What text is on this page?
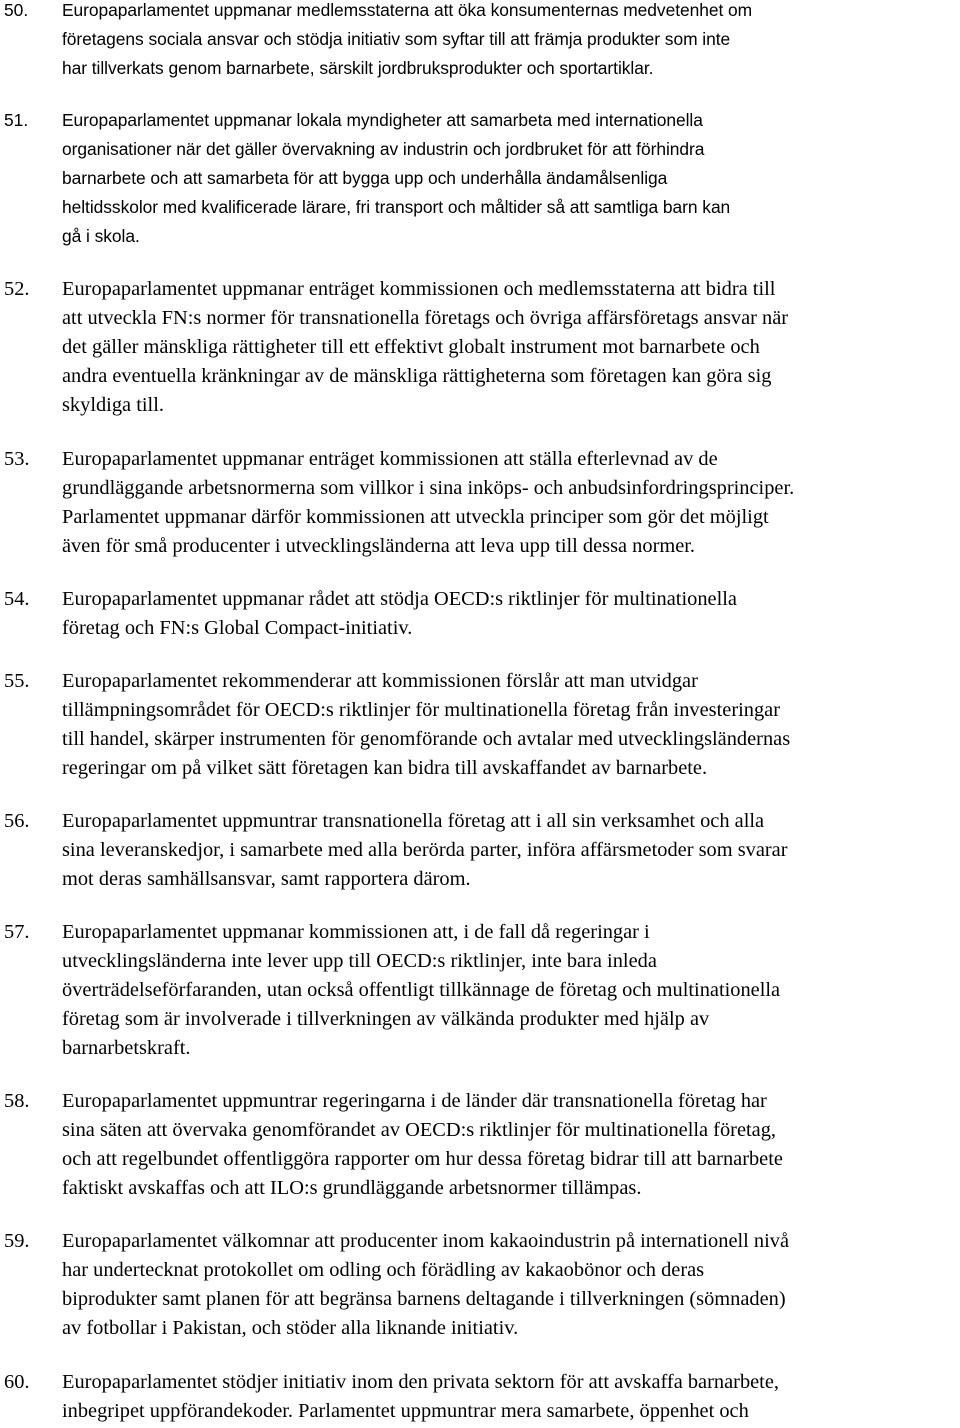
50. Europaparlamentet uppmanar medlemsstaterna att öka konsumenternas medvetenhet om
företagens sociala ansvar och stödja initiativ som syftar till att främja produkter som inte
har tillverkats genom barnarbete, särskilt jordbruksprodukter och sportartiklar.
51. Europaparlamentet uppmanar lokala myndigheter att samarbeta med internationella
organisationer när det gäller övervakning av industrin och jordbruket för att förhindra
barnarbete och att samarbeta för att bygga upp och underhålla ändamålsenliga
heltidsskolor med kvalificerade lärare, fri transport och måltider så att samtliga barn kan
gå i skola.
52. Europaparlamentet uppmanar enträget kommissionen och medlemsstaterna att bidra till
att utveckla FN:s normer för transnationella företags och övriga affärsföretags ansvar när
det gäller mänskliga rättigheter till ett effektivt globalt instrument mot barnarbete och
andra eventuella kränkningar av de mänskliga rättigheterna som företagen kan göra sig
skyldiga till.
53. Europaparlamentet uppmanar enträget kommissionen att ställa efterlevnad av de
grundläggande arbetsnormerna som villkor i sina inköps- och anbudsinfordringsprinciper.
Parlamentet uppmanar därför kommissionen att utveckla principer som gör det möjligt
även för små producenter i utvecklingsländerna att leva upp till dessa normer.
54. Europaparlamentet uppmanar rådet att stödja OECD:s riktlinjer för multinationella
företag och FN:s Global Compact-initiativ.
55. Europaparlamentet rekommenderar att kommissionen förslår att man utvidgar
tillämpningsområdet för OECD:s riktlinjer för multinationella företag från investeringar
till handel, skärper instrumenten för genomförande och avtalar med utvecklingsländernas
regeringar om på vilket sätt företagen kan bidra till avskaffandet av barnarbete.
56. Europaparlamentet uppmuntrar transnationella företag att i all sin verksamhet och alla
sina leveranskedjor, i samarbete med alla berörda parter, införa affärsmetoder som svarar
mot deras samhällsansvar, samt rapportera därom.
57. Europaparlamentet uppmanar kommissionen att, i de fall då regeringar i
utvecklingsländerna inte lever upp till OECD:s riktlinjer, inte bara inleda
överträdelseförfaranden, utan också offentligt tillkännage de företag och multinationella
företag som är involverade i tillverkningen av välkända produkter med hjälp av
barnarbetskraft.
58. Europaparlamentet uppmuntrar regeringarna i de länder där transnationella företag har
sina säten att övervaka genomförandet av OECD:s riktlinjer för multinationella företag,
och att regelbundet offentliggöra rapporter om hur dessa företag bidrar till att barnarbete
faktiskt avskaffas och att ILO:s grundläggande arbetsnormer tillämpas.
59. Europaparlamentet välkomnar att producenter inom kakaoindustrin på internationell nivå
har undertecknat protokollet om odling och förädling av kakaobönor och deras
biprodukter samt planen för att begränsa barnens deltagande i tillverkningen (sömnaden)
av fotbollar i Pakistan, och stöder alla liknande initiativ.
60. Europaparlamentet stödjer initiativ inom den privata sektorn för att avskaffa barnarbete,
inbegripet uppförandekoder. Parlamentet uppmuntrar mera samarbete, öppenhet och
